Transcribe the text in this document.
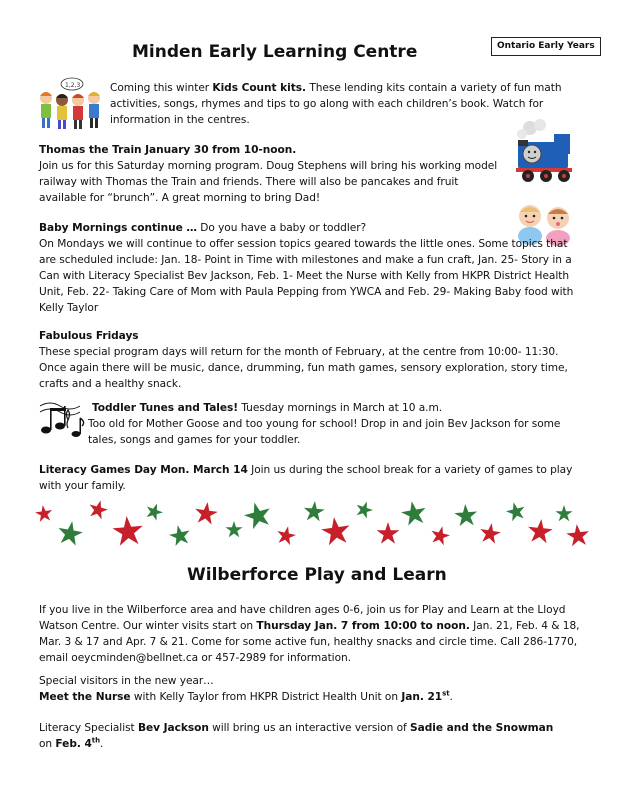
Minden Early Learning Centre	Ontario Early Years
1,2,3	Coming this winter Kids Count kits. These lending kits contain a variety of fun math activities, songs, rhymes and tips to go along with each children’s book. Watch for information in the centres.

Thomas the Train January 30 from 10-noon.

Join us for this Saturday morning program. Doug Stephens will bring his working model railway with Thomas the Train and friends. There will also be pancakes and fruit available for “brunch”. A great morning to bring Dad!

Baby Mornings continue … Do you have a baby or toddler?

On Mondays we will continue to offer session topics geared towards the little ones. Some topics that are scheduled include: Jan. 18- Point in Time with milestones and make a fun craft, Jan. 25- Story in a Can with Literacy Specialist Bev Jackson, Feb. 1- Meet the Nurse with Kelly from HKPR District Health Unit, Feb. 22- Taking Care of Mom with Paula Pepping from YWCA and Feb. 29- Making Baby food with Kelly Taylor

Fabulous Fridays

These special program days will return for the month of February, at the centre from 10:00- 11:30. Once again there will be music, dance, drumming, fun math games, sensory exploration, story time, crafts and a healthy snack.

Toddler Tunes and Tales! Tuesday mornings in March at 10 a.m.

Too old for Mother Goose and too young for school! Drop in and join Bev Jackson for some tales, songs and games for your toddler.
Literacy Games Day Mon. March 14 Join us during the school break for a variety of games to play with your family.
Wilberforce Play and Learn
If you live in the Wilberforce area and have children ages 0-6, join us for Play and Learn at the Lloyd Watson Centre. Our winter visits start on Thursday Jan. 7 from 10:00 to noon. Jan. 21, Feb. 4 & 18, Mar. 3 & 17 and Apr. 7 & 21. Come for some active fun, healthy snacks and circle time. Call 286-1770, email oeycminden@bellnet.ca or 457-2989 for information.

Special visitors in the new year…

Meet the Nurse with Kelly Taylor from HKPR District Health Unit on Jan. 21st.

Literacy Specialist Bev Jackson will bring us an interactive version of Sadie and the Snowman on Feb. 4th.
